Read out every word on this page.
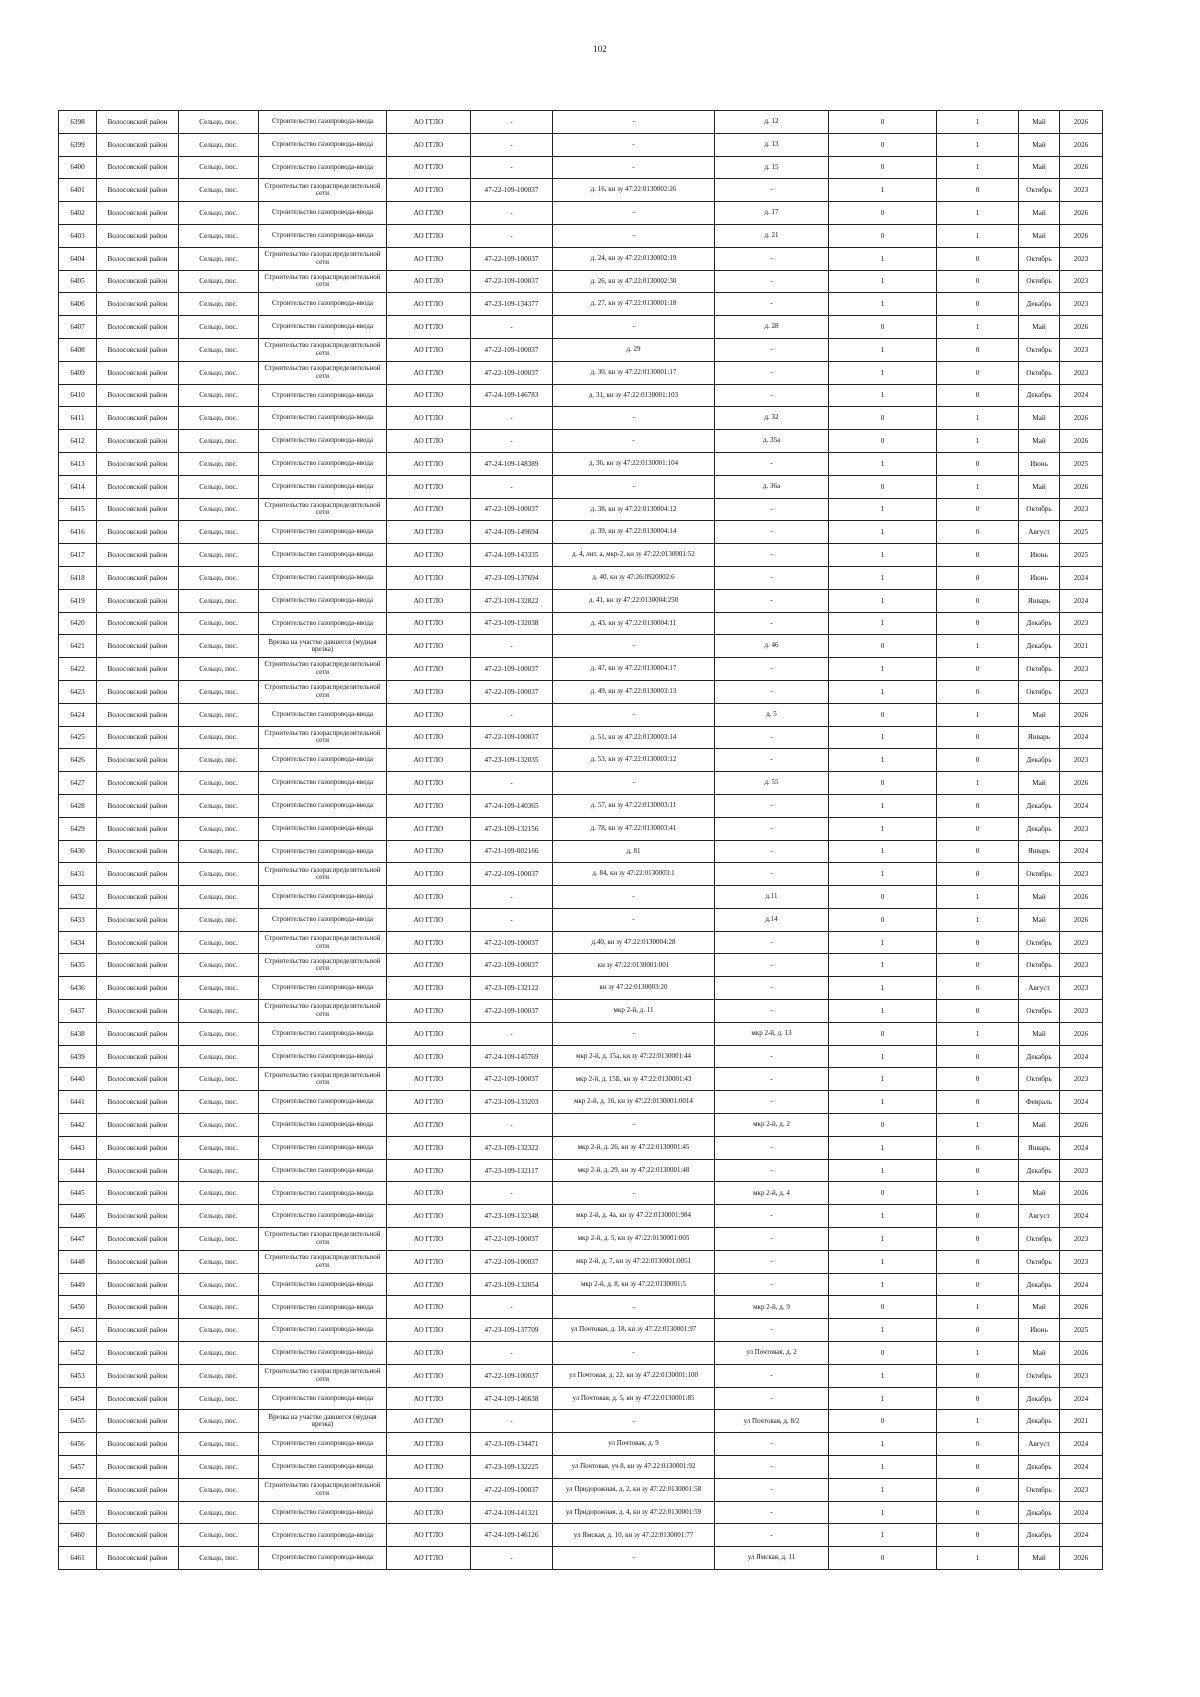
102
6398	Волосовский район	Сельцо, пос.	Строительство газопровода-ввода	АО ГГЛО	-	-	д. 12	0	1	Май	2026
6399	Волосовский район	Сельцо, пос.	Строительство газопровода-ввода	АО ГГЛО	-	-	д. 13	0	1	Май	2026
6400	Волосовский район	Сельцо, пос.	Строительство газопровода-ввода	АО ГГЛО	-	-	д. 15	0	1	Май	2026
6401	Волосовский район	Сельцо, пос.	Строительство газораспределительной сети	АО ГГЛО	47-22-109-100037	д. 16, кн зу 47:22:0130002:26	-	1	0	Октябрь	2023
6402	Волосовский район	Сельцо, пос.	Строительство газопровода-ввода	АО ГГЛО	-	-	д. 17	0	1	Май	2026
6403	Волосовский район	Сельцо, пос.	Строительство газопровода-ввода	АО ГГЛО	-	-	д. 21	0	1	Май	2026
6404	Волосовский район	Сельцо, пос.	Строительство газораспределительной сети	АО ГГЛО	47-22-109-100037	д. 24, кн зу 47:22:0130002:19	-	1	0	Октябрь	2023
6405	Волосовский район	Сельцо, пос.	Строительство газораспределительной сети	АО ГГЛО	47-22-109-100037	д. 26, кн зу 47:22:0130002:30	-	1	0	Октябрь	2023
6406	Волосовский район	Сельцо, пос.	Строительство газопровода-ввода	АО ГГЛО	47-23-109-134377	д. 27, кн зу 47:22:0130001:18	-	1	0	Декабрь	2023
6407	Волосовский район	Сельцо, пос.	Строительство газопровода-ввода	АО ГГЛО	-	-	д. 28	0	1	Май	2026
6408	Волосовский район	Сельцо, пос.	Строительство газораспределительной сети	АО ГГЛО	47-22-109-100037	д. 29	-	1	0	Октябрь	2023
6409	Волосовский район	Сельцо, пос.	Строительство газораспределительной сети	АО ГГЛО	47-22-109-100037	д. 30, кн зу 47:22:0130001:17	-	1	0	Октябрь	2023
6410	Волосовский район	Сельцо, пос.	Строительство газопровода-ввода	АО ГГЛО	47-24-109-146783	д. 31, кн зу 47:22:0130001:103	-	1	0	Декабрь	2024
6411	Волосовский район	Сельцо, пос.	Строительство газопровода-ввода	АО ГГЛО	-	-	д. 32	0	1	Май	2026
6412	Волосовский район	Сельцо, пос.	Строительство газопровода-ввода	АО ГГЛО	-	-	д. 35а	0	1	Май	2026
6413	Волосовский район	Сельцо, пос.	Строительство газопровода-ввода	АО ГГЛО	47-24-109-148389	д. 36, кн зу 47:22:0130001:104	-	1	0	Июнь	2025
6414	Волосовский район	Сельцо, пос.	Строительство газопровода-ввода	АО ГГЛО	-	-	д. 36а	0	1	Май	2026
6415	Волосовский район	Сельцо, пос.	Строительство газораспределительной сети	АО ГГЛО	47-22-109-100037	д. 38, кн зу 47:22:0130004:12	-	1	0	Октябрь	2023
6416	Волосовский район	Сельцо, пос.	Строительство газопровода-ввода	АО ГГЛО	47-24-109-149694	д. 39, кн зу 47:22:0130004:14	-	1	0	Август	2025
6417	Волосовский район	Сельцо, пос.	Строительство газопровода-ввода	АО ГГЛО	47-24-109-143335	д. 4, лит. а, мкр-2, кн зу 47:22:0130001:52	-	1	0	Июнь	2025
6418	Волосовский район	Сельцо, пос.	Строительство газопровода-ввода	АО ГГЛО	47-23-109-137694	д. 40, кн зу 47:26:0920002:6	-	1	0	Июнь	2024
6419	Волосовский район	Сельцо, пос.	Строительство газопровода-ввода	АО ГГЛО	47-23-109-132822	д. 41, кн зу 47:22:0130004:250	-	1	0	Январь	2024
6420	Волосовский район	Сельцо, пос.	Строительство газопровода-ввода	АО ГГЛО	47-23-109-132038	д. 43, кн зу 47:22:0130004:11	-	1	0	Декабрь	2023
6421	Волосовский район	Сельцо, пос.	Врезка на участке давшегся (мудная врезка)	АО ГГЛО	-	-	д. 46	0	1	Декабрь	2021
6422	Волосовский район	Сельцо, пос.	Строительство газораспределительной сети	АО ГГЛО	47-22-109-100037	д. 47, кн зу 47:22:0130004:17	-	1	0	Октябрь	2023
6423	Волосовский район	Сельцо, пос.	Строительство газораспределительной сети	АО ГГЛО	47-22-109-100037	д. 49, кн зу 47:22:0130003:13	-	1	0	Октябрь	2023
6424	Волосовский район	Сельцо, пос.	Строительство газопровода-ввода	АО ГГЛО	-	-	д. 5	0	1	Май	2026
6425	Волосовский район	Сельцо, пос.	Строительство газораспределительной сети	АО ГГЛО	47-22-109-100037	д. 51, кн зу 47:22:0130003:14	-	1	0	Январь	2024
6426	Волосовский район	Сельцо, пос.	Строительство газопровода-ввода	АО ГГЛО	47-23-109-132035	д. 53, кн зу 47:22:0130003:12	-	1	0	Декабрь	2023
6427	Волосовский район	Сельцо, пос.	Строительство газопровода-ввода	АО ГГЛО	-	-	д. 55	0	1	Май	2026
6428	Волосовский район	Сельцо, пос.	Строительство газопровода-ввода	АО ГГЛО	47-24-109-140365	д. 57, кн зу 47:22:0130003:11	-	1	0	Декабрь	2024
6429	Волосовский район	Сельцо, пос.	Строительство газопровода-ввода	АО ГГЛО	47-23-109-132156	д. 78, кн зу 47:22:0130003:41	-	1	0	Декабрь	2023
6430	Волосовский район	Сельцо, пос.	Строительство газопровода-ввода	АО ГГЛО	47-21-109-002166	д. 81	-	1	0	Январь	2024
6431	Волосовский район	Сельцо, пос.	Строительство газораспределительной сети	АО ГГЛО	47-22-109-100037	д. 84, кн зу 47:22:0130003:1	-	1	0	Октябрь	2023
6432	Волосовский район	Сельцо, пос.	Строительство газопровода-ввода	АО ГГЛО	-	-	д.11	0	1	Май	2026
6433	Волосовский район	Сельцо, пос.	Строительство газопровода-ввода	АО ГГЛО	-	-	д.14	0	1	Май	2026
6434	Волосовский район	Сельцо, пос.	Строительство газораспределительной сети	АО ГГЛО	47-22-109-100037	д.40, кн зу 47:22:0130004:28	-	1	0	Октябрь	2023
6435	Волосовский район	Сельцо, пос.	Строительство газораспределительной сети	АО ГГЛО	47-22-109-100037	кн зу 47:22:0130001:001	-	1	0	Октябрь	2023
6436	Волосовский район	Сельцо, пос.	Строительство газопровода-ввода	АО ГГЛО	47-23-109-132122	кн зу 47:22:0130003:20	-	1	0	Август	2023
6437	Волосовский район	Сельцо, пос.	Строительство газораспределительной сети	АО ГГЛО	47-22-109-100037	мкр 2-й, д. 11	-	1	0	Октябрь	2023
6438	Волосовский район	Сельцо, пос.	Строительство газопровода-ввода	АО ГГЛО	-	-	мкр 2-й, д. 13	0	1	Май	2026
6439	Волосовский район	Сельцо, пос.	Строительство газопровода-ввода	АО ГГЛО	47-24-109-145769	мкр 2-й, д. 15а, кн зу 47:22:0130001:44	-	1	0	Декабрь	2024
6440	Волосовский район	Сельцо, пос.	Строительство газораспределительной сети	АО ГГЛО	47-22-109-100037	мкр 2-й, д. 15Б, кн зу 47:22:0130001:43	-	1	0	Октябрь	2023
6441	Волосовский район	Сельцо, пос.	Строительство газопровода-ввода	АО ГГЛО	47-23-109-133203	мкр 2-й, д. 16, кн зу 47:22:0130001:0014	-	1	0	Февраль	2024
6442	Волосовский район	Сельцо, пос.	Строительство газопровода-ввода	АО ГГЛО	-	-	мкр 2-й, д. 2	0	1	Май	2026
6443	Волосовский район	Сельцо, пос.	Строительство газопровода-ввода	АО ГГЛО	47-23-109-132322	мкр 2-й, д. 26, кн зу 47:22:0130001:45	-	1	0	Январь	2024
6444	Волосовский район	Сельцо, пос.	Строительство газопровода-ввода	АО ГГЛО	47-23-109-132117	мкр 2-й, д. 29, кн зу 47:22:0130001:48	-	1	0	Декабрь	2023
6445	Волосовский район	Сельцо, пос.	Строительство газопровода-ввода	АО ГГЛО	-	-	мкр 2-й, д. 4	0	1	Май	2026
6446	Волосовский район	Сельцо, пос.	Строительство газопровода-ввода	АО ГГЛО	47-23-109-132348	мкр 2-й, д. 4а, кн зу 47:22:0130001:984	-	1	0	Август	2024
6447	Волосовский район	Сельцо, пос.	Строительство газораспределительной сети	АО ГГЛО	47-22-109-100037	мкр 2-й, д. 5, кн зу 47:22:0130001:005	-	1	0	Октябрь	2023
6448	Волосовский район	Сельцо, пос.	Строительство газораспределительной сети	АО ГГЛО	47-22-109-100037	мкр 2-й, д. 7, кн зу 47:22:0130001:0051	-	1	0	Октябрь	2023
6449	Волосовский район	Сельцо, пос.	Строительство газопровода-ввода	АО ГГЛО	47-23-109-132654	мкр 2-й, д. 8, кн зу 47:22:0130001:5	-	1	0	Декабрь	2024
6450	Волосовский район	Сельцо, пос.	Строительство газопровода-ввода	АО ГГЛО	-	-	мкр 2-й, д. 9	0	1	Май	2026
6451	Волосовский район	Сельцо, пос.	Строительство газопровода-ввода	АО ГГЛО	47-23-109-137709	ул Почтовая, д. 18, кн зу 47:22:0130001:97	-	1	0	Июнь	2025
6452	Волосовский район	Сельцо, пос.	Строительство газопровода-ввода	АО ГГЛО	-	-	ул Почтовая, д. 2	0	1	Май	2026
6453	Волосовский район	Сельцо, пос.	Строительство газораспределительной сети	АО ГГЛО	47-22-109-100037	ул Почтовая, д. 22, кн зу 47:22:0130001:100	-	1	0	Октябрь	2023
6454	Волосовский район	Сельцо, пос.	Строительство газопровода-ввода	АО ГГЛО	47-24-109-146638	ул Почтовая, д. 5, кн зу 47:22:0130001:85	-	1	0	Декабрь	2024
6455	Волосовский район	Сельцо, пос.	Врезка на участке давшегся (мудная врезка)	АО ГГЛО	-	-	ул Почтовая, д. 8/2	0	1	Декабрь	2021
6456	Волосовский район	Сельцо, пос.	Строительство газопровода-ввода	АО ГГЛО	47-23-109-134471	ул Почтовая, д. 9	-	1	0	Август	2024
6457	Волосовский район	Сельцо, пос.	Строительство газопровода-ввода	АО ГГЛО	47-23-109-132225	ул Почтовая, уч 8, кн зу 47:22:0130001:92	-	1	0	Декабрь	2024
6458	Волосовский район	Сельцо, пос.	Строительство газораспределительной сети	АО ГГЛО	47-22-109-100037	ул Придорожная, д. 2, кн зу 47:22:0130001:58	-	1	0	Октябрь	2023
6459	Волосовский район	Сельцо, пос.	Строительство газопровода-ввода	АО ГГЛО	47-24-109-141321	ул Придорожная, д. 4, кн зу 47:22:0130001:59	-	1	0	Декабрь	2024
6460	Волосовский район	Сельцо, пос.	Строительство газопровода-ввода	АО ГГЛО	47-24-109-146126	ул Ямская, д. 10, кн зу 47:22:0130001:77	-	1	0	Декабрь	2024
6461	Волосовский район	Сельцо, пос.	Строительство газопровода-ввода	АО ГГЛО	-	-	ул Ямская, д. 11	0	1	Май	2026
